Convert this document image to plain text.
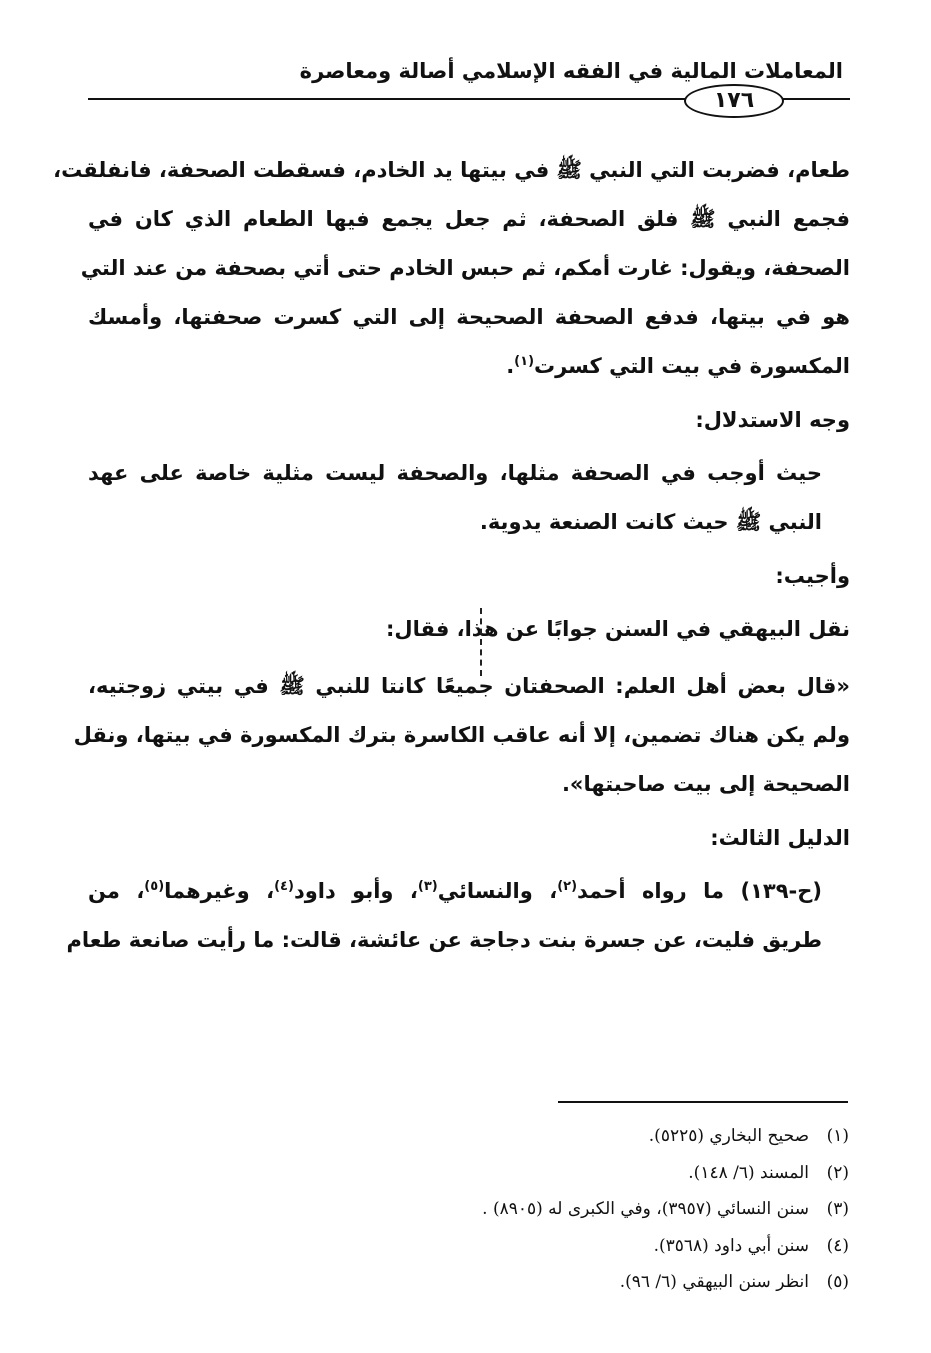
المعاملات المالية في الفقه الإسلامي أصالة ومعاصرة
١٧٦
طعام، فضربت التي النبي ﷺ في بيتها يد الخادم، فسقطت الصحفة، فانفلقت،
فجمع النبي ﷺ فلق الصحفة، ثم جعل يجمع فيها الطعام الذي كان في
الصحفة، ويقول: غارت أمكم، ثم حبس الخادم حتى أتي بصحفة من عند التي
هو في بيتها، فدفع الصحفة الصحيحة إلى التي كسرت صحفتها، وأمسك
المكسورة في بيت التي كسرت$^{(١)}$.
وجه الاستدلال:
حيث أوجب في الصحفة مثلها، والصحفة ليست مثلية خاصة على عهد
النبي ﷺ حيث كانت الصنعة يدوية.
وأجيب:
نقل البيهقي في السنن جوابًا عن هذا، فقال:
«قال بعض أهل العلم: الصحفتان جميعًا كانتا للنبي ﷺ في بيتي زوجتيه،
ولم يكن هناك تضمين، إلا أنه عاقب الكاسرة بترك المكسورة في بيتها، ونقل
الصحيحة إلى بيت صاحبتها».
الدليل الثالث:
(ح-١٣٩) ما رواه أحمد$^{(٢)}$، والنسائي$^{(٣)}$، وأبو داود$^{(٤)}$، وغيرهما$^{(٥)}$، من
طريق فليت، عن جسرة بنت دجاجة عن عائشة، قالت: ما رأيت صانعة طعام
(١)صحيح البخاري (٥٢٢٥).
(٢)المسند (٦/ ١٤٨).
(٣)سنن النسائي (٣٩٥٧)، وفي الكبرى له (٨٩٠٥) .
(٤)سنن أبي داود (٣٥٦٨).
(٥)انظر سنن البيهقي (٦/ ٩٦).
